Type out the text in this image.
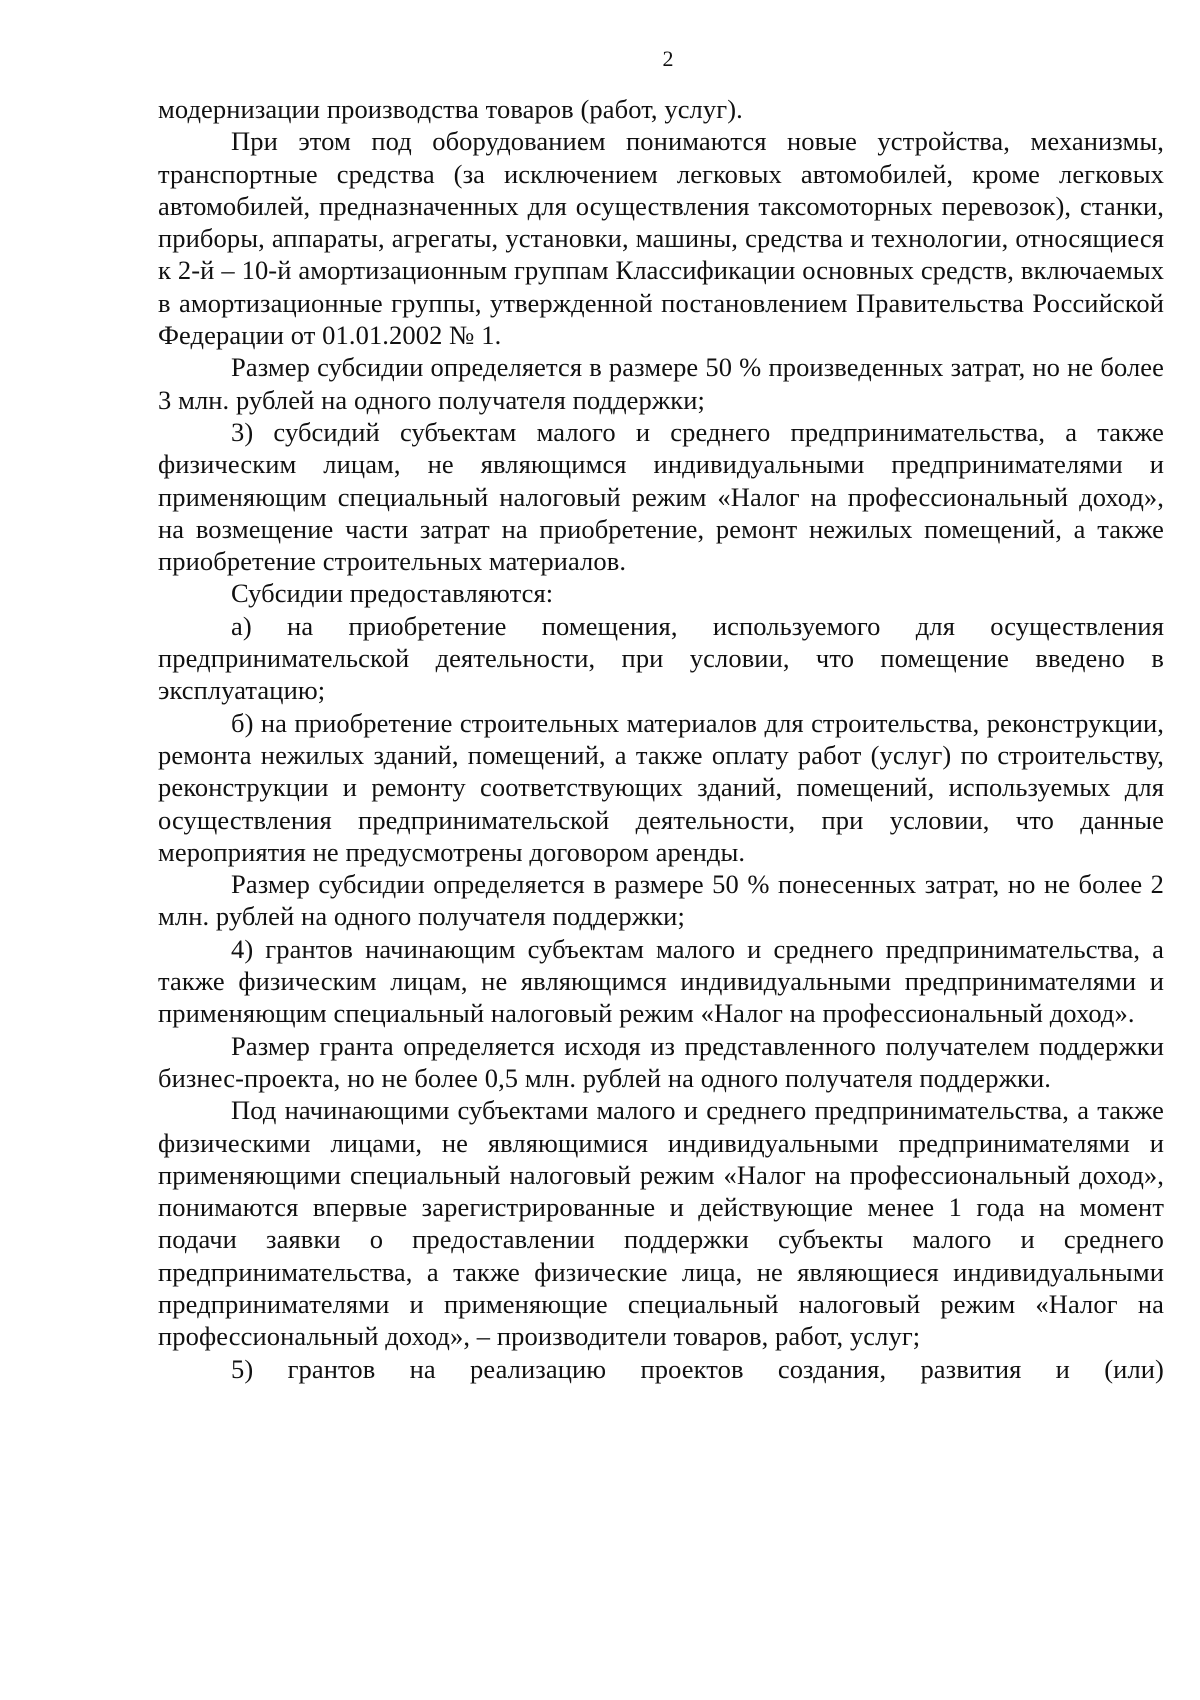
2

модернизации производства товаров (работ, услуг).

При этом под оборудованием понимаются новые устройства, механизмы, транспортные средства (за исключением легковых автомобилей, кроме легковых автомобилей, предназначенных для осуществления таксомоторных перевозок), станки, приборы, аппараты, агрегаты, установки, машины, средства и технологии, относящиеся к 2-й – 10-й амортизационным группам Классификации основных средств, включаемых в амортизационные группы, утвержденной постановлением Правительства Российской Федерации от 01.01.2002 № 1.

Размер субсидии определяется в размере 50 % произведенных затрат, но не более 3 млн. рублей на одного получателя поддержки;

3) субсидий субъектам малого и среднего предпринимательства, а также физическим лицам, не являющимся индивидуальными предпринимателями и применяющим специальный налоговый режим «Налог на профессиональный доход», на возмещение части затрат на приобретение, ремонт нежилых помещений, а также приобретение строительных материалов.

Субсидии предоставляются:

а) на приобретение помещения, используемого для осуществления предпринимательской деятельности, при условии, что помещение введено в эксплуатацию;

б) на приобретение строительных материалов для строительства, реконструкции, ремонта нежилых зданий, помещений, а также оплату работ (услуг) по строительству, реконструкции и ремонту соответствующих зданий, помещений, используемых для осуществления предпринимательской деятельности, при условии, что данные мероприятия не предусмотрены договором аренды.

Размер субсидии определяется в размере 50 % понесенных затрат, но не более 2 млн. рублей на одного получателя поддержки;

4) грантов начинающим субъектам малого и среднего предпринимательства, а также физическим лицам, не являющимся индивидуальными предпринимателями и применяющим специальный налоговый режим «Налог на профессиональный доход».

Размер гранта определяется исходя из представленного получателем поддержки бизнес-проекта, но не более 0,5 млн. рублей на одного получателя поддержки.

Под начинающими субъектами малого и среднего предпринимательства, а также физическими лицами, не являющимися индивидуальными предпринимателями и применяющими специальный налоговый режим «Налог на профессиональный доход», понимаются впервые зарегистрированные и действующие менее 1 года на момент подачи заявки о предоставлении поддержки субъекты малого и среднего предпринимательства, а также физические лица, не являющиеся индивидуальными предпринимателями и применяющие специальный налоговый режим «Налог на профессиональный доход», – производители товаров, работ, услуг;

5) грантов на реализацию проектов создания, развития и (или)
